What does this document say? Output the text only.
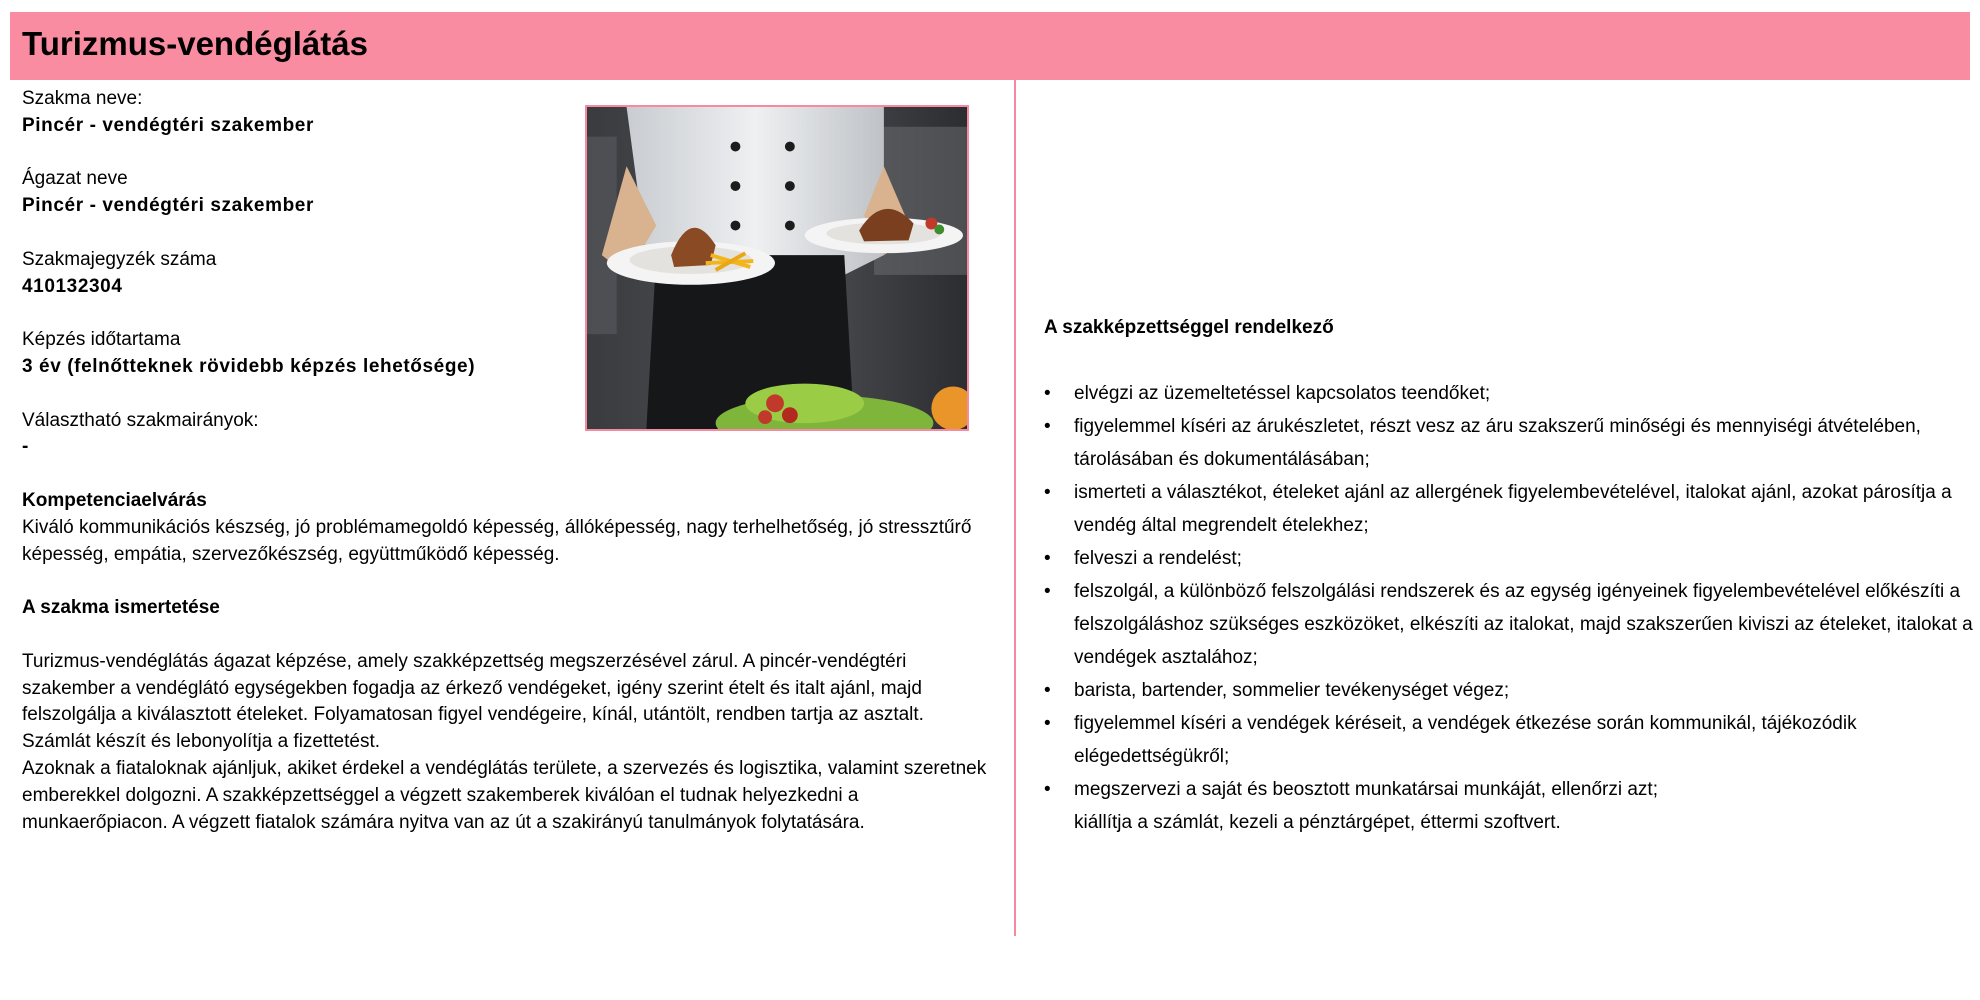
Turizmus-vendéglátás

Szakma neve:

Pincér - vendégtéri szakember

Ágazat neve

Pincér - vendégtéri szakember

Szakmajegyzék száma

410132304

Képzés időtartama

3 év (felnőtteknek rövidebb képzés lehetősége)

Választható szakmairányok:

-

Kompetenciaelvárás

Kiváló kommunikációs készség, jó problémamegoldó képesség, állóképesség, nagy terhelhetőség, jó stressztűrő képesség, empátia, szervezőkészség, együttműködő képesség.

A szakma ismertetése

Turizmus-vendéglátás ágazat képzése, amely szakképzettség megszerzésével zárul. A pincér-vendégtéri szakember a vendéglátó egységekben fogadja az érkező vendégeket, igény szerint ételt és italt ajánl, majd felszolgálja a kiválasztott ételeket. Folyamatosan figyel vendégeire, kínál, utántölt, rendben tartja az asztalt. Számlát készít és lebonyolítja a fizettetést.

Azoknak a fiataloknak ajánljuk, akiket érdekel a vendéglátás területe, a szervezés és logisztika, valamint szeretnek emberekkel dolgozni. A szakképzettséggel a végzett szakemberek kiválóan el tudnak helyezkedni a munkaerőpiacon. A végzett fiatalok számára nyitva van az út a szakirányú tanulmányok folytatására.

A szakképzettséggel rendelkező

• elvégzi az üzemeltetéssel kapcsolatos teendőket;
• figyelemmel kíséri az árukészletet, részt vesz az áru szakszerű minőségi és mennyiségi átvételében, tárolásában és dokumentálásában;
• ismerteti a választékot, ételeket ajánl az allergének figyelembevételével, italokat ajánl, azokat párosítja a vendég által megrendelt ételekhez;
• felveszi a rendelést;
• felszolgál, a különböző felszolgálási rendszerek és az egység igényeinek figyelembevételével előkészíti a felszolgáláshoz szükséges eszközöket, elkészíti az italokat, majd szakszerűen kiviszi az ételeket, italokat a vendégek asztalához;
• barista, bartender, sommelier tevékenységet végez;
• figyelemmel kíséri a vendégek kéréseit, a vendégek étkezése során kommunikál, tájékozódik elégedettségükről;
• megszervezi a saját és beosztott munkatársai munkáját, ellenőrzi azt;

kiállítja a számlát, kezeli a pénztárgépet, éttermi szoftvert.
